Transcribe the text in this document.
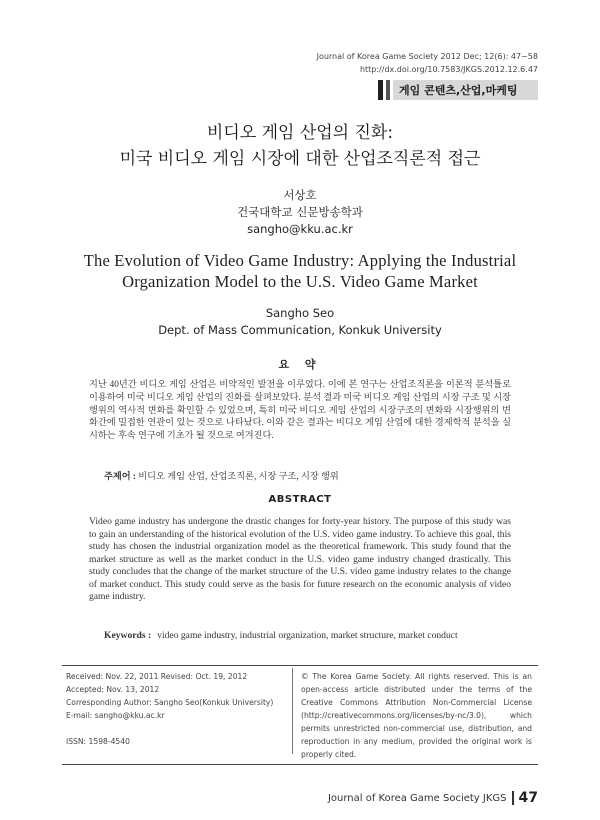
Journal of Korea Game Society 2012 Dec; 12(6): 47~58
http://dx.doi.org/10.7583/JKGS.2012.12.6.47
게임 콘텐츠,산업,마케팅
비디오 게임 산업의 진화:
미국 비디오 게임 시장에 대한 산업조직론적 접근
서상호
건국대학교 신문방송학과
sangho@kku.ac.kr
The Evolution of Video Game Industry: Applying the Industrial
Organization Model to the U.S. Video Game Market
Sangho Seo
Dept. of Mass Communication, Konkuk University
요 약
지난 40년간 비디오 게임 산업은 비약적인 발전을 이루었다. 이에 본 연구는 산업조직론을 이론적 분석틀로 이용하여 미국 비디오 게임 산업의 진화를 살펴보았다. 분석 결과 미국 비디오 게임 산업의 시장 구조 및 시장 행위의 역사적 변화를 확인할 수 있었으며, 특히 미국 비디오 게임 산업의 시장구조의 변화와 시장행위의 변화간에 밀접한 연관이 있는 것으로 나타났다. 이와 같은 결과는 비디오 게임 산업에 대한 경제학적 분석을 실시하는 후속 연구에 기초가 될 것으로 여겨진다.
주제어 : 비디오 게임 산업, 산업조직론, 시장 구조, 시장 행위
ABSTRACT
Video game industry has undergone the drastic changes for forty-year history. The purpose of this study was to gain an understanding of the historical evolution of the U.S. video game industry. To achieve this goal, this study has chosen the industrial organization model as the theoretical framework. This study found that the market structure as well as the market conduct in the U.S. video game industry changed drastically. This study concludes that the change of the market structure of the U.S. video game industry relates to the change of market conduct. This study could serve as the basis for future research on the economic analysis of video game industry.
Keywords : video game industry, industrial organization, market structure, market conduct
Received: Nov. 22, 2011 Revised: Oct. 19, 2012
Accepted: Nov. 13, 2012
Corresponding Author: Sangho Seo(Konkuk University)
E-mail: sangho@kku.ac.kr
ISSN: 1598-4540
© The Korea Game Society. All rights reserved. This is an open-access article distributed under the terms of the Creative Commons Attribution Non-Commercial License (http://creativecommons.org/licenses/by-nc/3.0), which permits unrestricted non-commercial use, distribution, and reproduction in any medium, provided the original work is properly cited.
Journal of Korea Game Society JKGS 47
